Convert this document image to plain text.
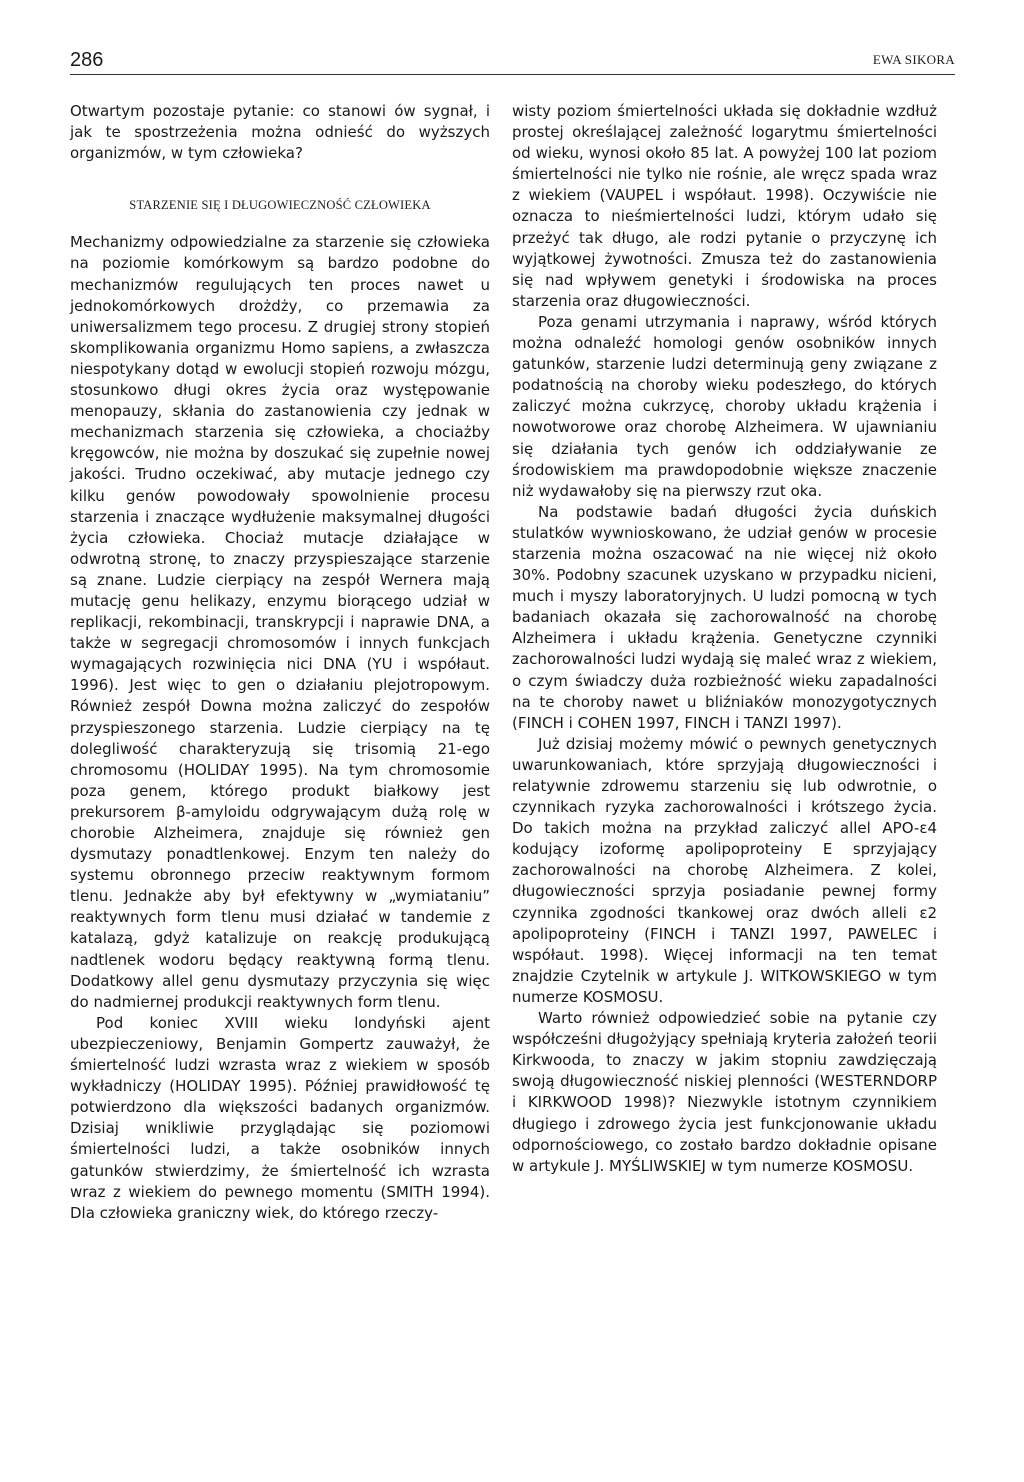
286	EWA SIKORA

Otwartym pozostaje pytanie: co stanowi ów sygnał, i jak te spostrzeżenia można odnieść do wyższych organizmów, w tym człowieka?

STARZENIE SIĘ I DŁUGOWIECZNOŚĆ CZŁOWIEKA

Mechanizmy odpowiedzialne za starzenie się człowieka na poziomie komórkowym są bardzo podobne do mechanizmów regulujących ten proces nawet u jednokomórkowych drożdży, co przemawia za uniwersalizmem tego procesu. Z drugiej strony stopień skomplikowania organizmu Homo sapiens, a zwłaszcza niespotykany dotąd w ewolucji stopień rozwoju mózgu, stosunkowo długi okres życia oraz występowanie menopauzy, skłania do zastanowienia czy jednak w mechanizmach starzenia się człowieka, a chociażby kręgowców, nie można by doszukać się zupełnie nowej jakości. Trudno oczekiwać, aby mutacje jednego czy kilku genów powodowały spowolnienie procesu starzenia i znaczące wydłużenie maksymalnej długości życia człowieka. Chociaż mutacje działające w odwrotną stronę, to znaczy przyspieszające starzenie są znane. Ludzie cierpiący na zespół Wernera mają mutację genu helikazy, enzymu biorącego udział w replikacji, rekombinacji, transkrypcji i naprawie DNA, a także w segregacji chromosomów i innych funkcjach wymagających rozwinięcia nici DNA (YU i współaut. 1996). Jest więc to gen o działaniu plejotropowym. Również zespół Downa można zaliczyć do zespołów przyspieszonego starzenia. Ludzie cierpiący na tę dolegliwość charakteryzują się trisomią 21-ego chromosomu (HOLIDAY 1995). Na tym chromosomie poza genem, którego produkt białkowy jest prekursorem β-amyloidu odgrywającym dużą rolę w chorobie Alzheimera, znajduje się również gen dysmutazy ponadtlenkowej. Enzym ten należy do systemu obronnego przeciw reaktywnym formom tlenu. Jednakże aby był efektywny w „wymiataniu” reaktywnych form tlenu musi działać w tandemie z katalazą, gdyż katalizuje on reakcję produkującą nadtlenek wodoru będący reaktywną formą tlenu. Dodatkowy allel genu dysmutazy przyczynia się więc do nadmiernej produkcji reaktywnych form tlenu.

Pod koniec XVIII wieku londyński ajent ubezpieczeniowy, Benjamin Gompertz zauważył, że śmiertelność ludzi wzrasta wraz z wiekiem w sposób wykładniczy (HOLIDAY 1995). Później prawidłowość tę potwierdzono dla większości badanych organizmów. Dzisiaj wnikliwie przyglądając się poziomowi śmiertelności ludzi, a także osobników innych gatunków stwierdzimy, że śmiertelność ich wzrasta wraz z wiekiem do pewnego momentu (SMITH 1994). Dla człowieka graniczny wiek, do którego rzeczy-

wisty poziom śmiertelności układa się dokładnie wzdłuż prostej określającej zależność logarytmu śmiertelności od wieku, wynosi około 85 lat. A powyżej 100 lat poziom śmiertelności nie tylko nie rośnie, ale wręcz spada wraz z wiekiem (VAUPEL i współaut. 1998). Oczywiście nie oznacza to nieśmiertelności ludzi, którym udało się przeżyć tak długo, ale rodzi pytanie o przyczynę ich wyjątkowej żywotności. Zmusza też do zastanowienia się nad wpływem genetyki i środowiska na proces starzenia oraz długowieczności.

Poza genami utrzymania i naprawy, wśród których można odnaleźć homologi genów osobników innych gatunków, starzenie ludzi determinują geny związane z podatnością na choroby wieku podeszłego, do których zaliczyć można cukrzycę, choroby układu krążenia i nowotworowe oraz chorobę Alzheimera. W ujawnianiu się działania tych genów ich oddziaływanie ze środowiskiem ma prawdopodobnie większe znaczenie niż wydawałoby się na pierwszy rzut oka.

Na podstawie badań długości życia duńskich stulatków wywnioskowano, że udział genów w procesie starzenia można oszacować na nie więcej niż około 30%. Podobny szacunek uzyskano w przypadku nicieni, much i myszy laboratoryjnych. U ludzi pomocną w tych badaniach okazała się zachorowalność na chorobę Alzheimera i układu krążenia. Genetyczne czynniki zachorowalności ludzi wydają się maleć wraz z wiekiem, o czym świadczy duża rozbieżność wieku zapadalności na te choroby nawet u bliźniaków monozygotycznych (FINCH i COHEN 1997, FINCH i TANZI 1997).

Już dzisiaj możemy mówić o pewnych genetycznych uwarunkowaniach, które sprzyjają długowieczności i relatywnie zdrowemu starzeniu się lub odwrotnie, o czynnikach ryzyka zachorowalności i krótszego życia. Do takich można na przykład zaliczyć allel APO-ε4 kodujący izoformę apolipoproteiny E sprzyjający zachorowalności na chorobę Alzheimera. Z kolei, długowieczności sprzyja posiadanie pewnej formy czynnika zgodności tkankowej oraz dwóch alleli ε2 apolipoproteiny (FINCH i TANZI 1997, PAWELEC i współaut. 1998). Więcej informacji na ten temat znajdzie Czytelnik w artykule J. WITKOWSKIEGO w tym numerze KOSMOSU.

Warto również odpowiedzieć sobie na pytanie czy współcześni długożyjący spełniają kryteria założeń teorii Kirkwooda, to znaczy w jakim stopniu zawdzięczają swoją długowieczność niskiej plenności (WESTERNDORP i KIRKWOOD 1998)? Niezwykle istotnym czynnikiem długiego i zdrowego życia jest funkcjonowanie układu odpornościowego, co zostało bardzo dokładnie opisane w artykule J. MYŚLIWSKIEJ w tym numerze KOSMOSU.
